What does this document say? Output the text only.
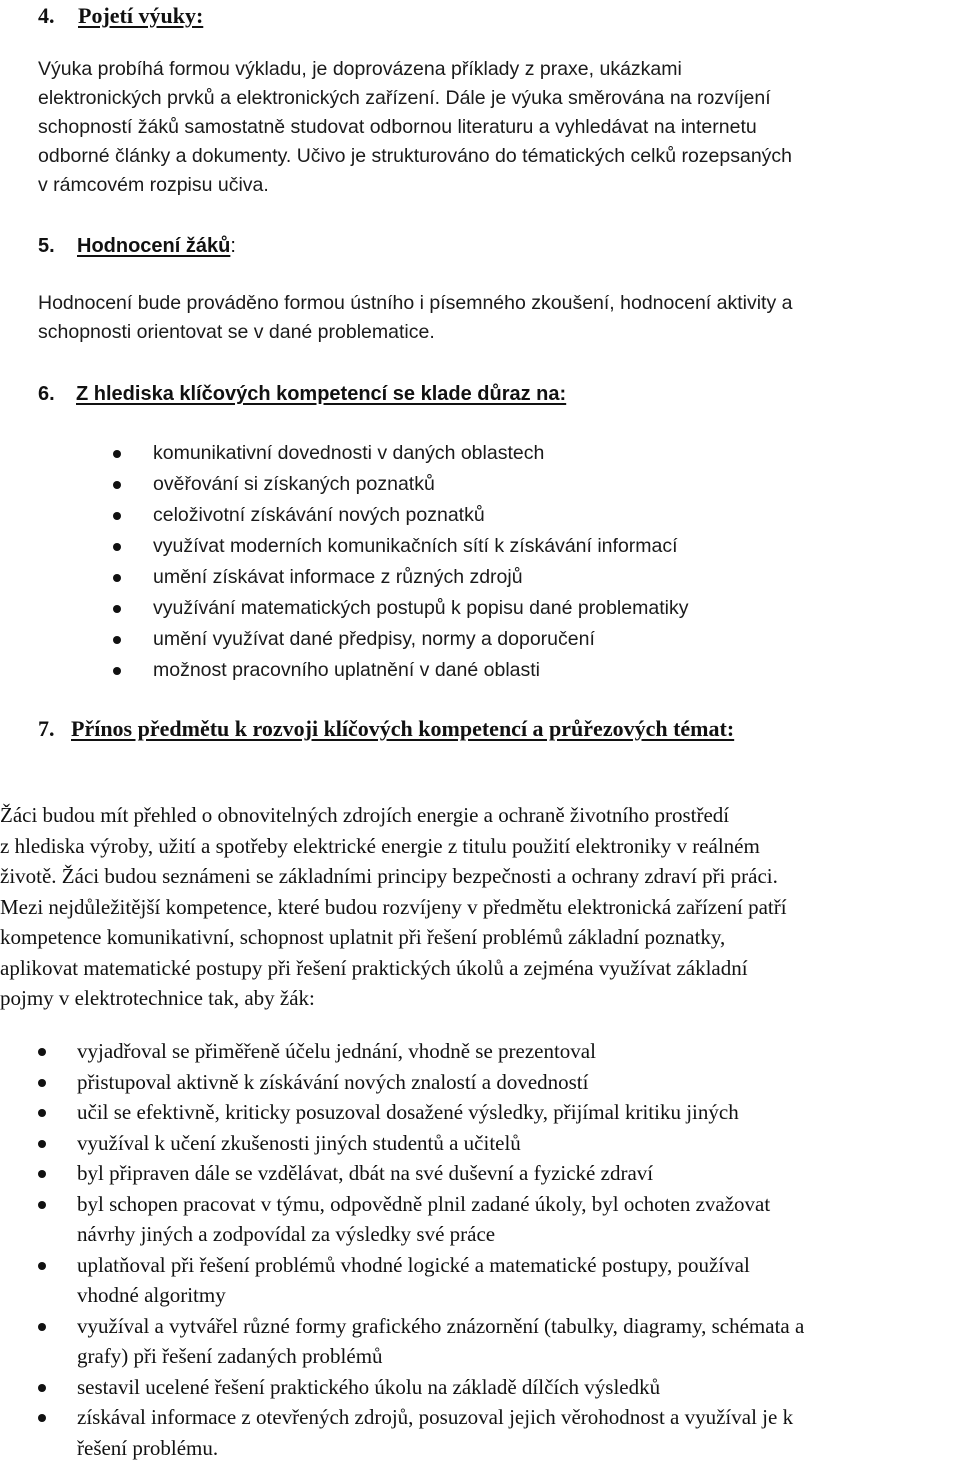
4. Pojetí výuky:
Výuka probíhá formou výkladu, je doprovázena příklady z praxe, ukázkami
elektronických prvků a elektronických zařízení. Dále je výuka směrována na rozvíjení
schopností žáků samostatně studovat odbornou literaturu a vyhledávat na internetu
odborné články a dokumenty. Učivo je strukturováno do tématických celků rozepsaných
v rámcovém rozpisu učiva.
5. Hodnocení žáků:
Hodnocení bude prováděno formou ústního i písemného zkoušení, hodnocení aktivity a
schopnosti orientovat se v dané problematice.
6. Z hlediska klíčových kompetencí se klade důraz na:
komunikativní dovednosti v daných oblastech
ověřování si získaných poznatků
celoživotní získávání nových poznatků
využívat moderních komunikačních sítí k získávání informací
umění získávat informace z různých zdrojů
využívání matematických postupů k popisu dané problematiky
umění využívat dané předpisy, normy a doporučení
možnost pracovního uplatnění v dané oblasti
7. Přínos předmětu k rozvoji klíčových kompetencí a průřezových témat:
Žáci budou mít přehled o obnovitelných zdrojích energie a ochraně životního prostředí
z hlediska výroby, užití a spotřeby elektrické energie z titulu použití elektroniky v reálném
životě. Žáci budou seznámeni se základními principy bezpečnosti a ochrany zdraví při práci.
Mezi nejdůležitější kompetence, které budou rozvíjeny v předmětu elektronická zařízení patří
kompetence komunikativní, schopnost uplatnit při řešení problémů základní poznatky,
aplikovat matematické postupy při řešení praktických úkolů a zejména využívat základní
pojmy v elektrotechnice tak, aby žák:
vyjadřoval se přiměřeně účelu jednání, vhodně se prezentoval
přistupoval aktivně k získávání nových znalostí a dovedností
učil se efektivně, kriticky posuzoval dosažené výsledky, přijímal kritiku jiných
využíval k učení zkušenosti jiných studentů a učitelů
byl připraven dále se vzdělávat, dbát na své duševní a fyzické zdraví
byl schopen pracovat v týmu, odpovědně plnil zadané úkoly, byl ochoten zvažovat
návrhy jiných a zodpovídal za výsledky své práce
uplatňoval při řešení problémů vhodné logické a matematické postupy, používal
vhodné algoritmy
využíval a vytvářel různé formy grafického znázornění (tabulky, diagramy, schémata a
grafy) při řešení zadaných problémů
sestavil ucelené řešení praktického úkolu na základě dílčích výsledků
získával informace z otevřených zdrojů, posuzoval jejich věrohodnost a využíval je k
řešení problému.
